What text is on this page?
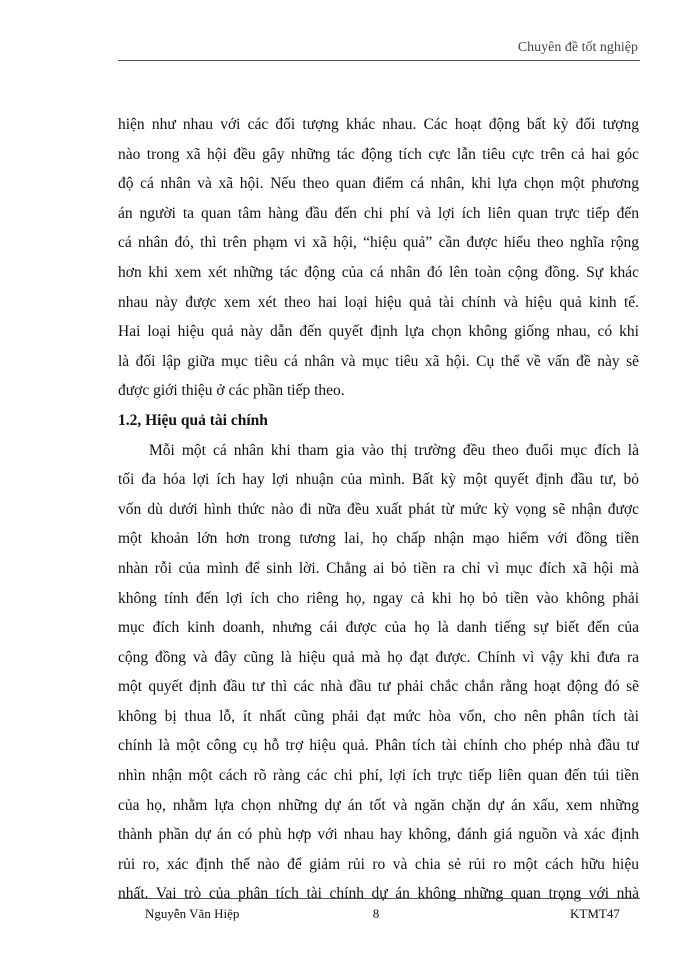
Chuyên đề tốt nghiệp
hiện như nhau với các đối tượng khác nhau. Các hoạt động bất kỳ đối tượng
nào trong xã hội đều gây những tác động tích cực lẫn tiêu cực trên cả hai góc
độ cá nhân và xã hội. Nếu theo quan điểm cá nhân, khi lựa chọn một phương
án người ta quan tâm hàng đầu đến chi phí và lợi ích liên quan trực tiếp đến
cá nhân đó, thì trên phạm vi xã hội, “hiệu quả” cần được hiểu theo nghĩa rộng
hơn khi xem xét những tác động của cá nhân đó lên toàn cộng đồng. Sự khác
nhau này được xem xét theo hai loại hiệu quả tài chính và hiệu quả kinh tế.
Hai loại hiệu quả này dẫn đến quyết định lựa chọn không giống nhau, có khi
là đối lập giữa mục tiêu cá nhân và mục tiêu xã hội. Cụ thể về vấn đề này sẽ
được giới thiệu ở các phần tiếp theo.
1.2, Hiệu quả tài chính
Mỗi một cá nhân khi tham gia vào thị trường đều theo đuổi mục đích là
tối đa hóa lợi ích hay lợi nhuận của mình. Bất kỳ một quyết định đầu tư, bỏ
vốn dù dưới hình thức nào đi nữa đều xuất phát từ mức kỳ vọng sẽ nhận được
một khoản lớn hơn trong tương lai, họ chấp nhận mạo hiểm với đồng tiền
nhàn rỗi của mình để sinh lời. Chẳng ai bỏ tiền ra chỉ vì mục đích xã hội mà
không tính đến lợi ích cho riêng họ, ngay cả khi họ bỏ tiền vào không phải
mục đích kinh doanh, nhưng cái được của họ là danh tiếng sự biết đến của
cộng đồng và đây cũng là hiệu quả mà họ đạt được. Chính vì vậy khi đưa ra
một quyết định đầu tư thì các nhà đầu tư phải chắc chắn rằng hoạt động đó sẽ
không bị thua lỗ, ít nhất cũng phải đạt mức hòa vốn, cho nên phân tích tài
chính là một công cụ hỗ trợ hiệu quả. Phân tích tài chính cho phép nhà đầu tư
nhìn nhận một cách rõ ràng các chi phí, lợi ích trực tiếp liên quan đến túi tiền
của họ, nhằm lựa chọn những dự án tốt và ngăn chặn dự án xấu, xem những
thành phần dự án có phù hợp với nhau hay không, đánh giá nguồn và xác định
rủi ro, xác định thế nào để giảm rủi ro và chia sẻ rủi ro một cách hữu hiệu
nhất. Vai trò của phân tích tài chính dự án không những quan trọng với nhà
Nguyễn Văn Hiệp	8	KTMT47
